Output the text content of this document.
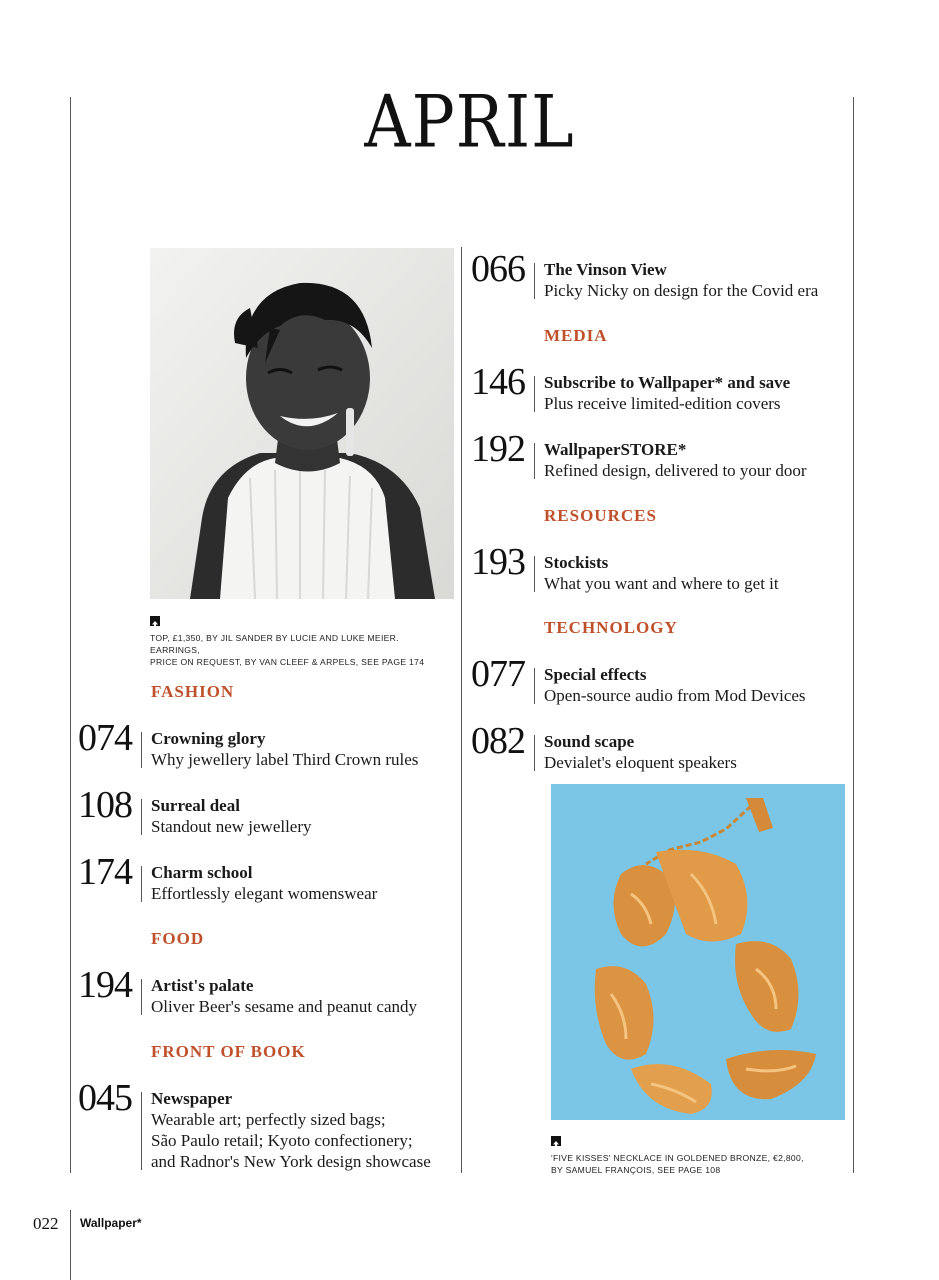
APRIL
TOP, £1,350, BY JIL SANDER BY LUCIE AND LUKE MEIER. EARRINGS,
PRICE ON REQUEST, BY VAN CLEEF & ARPELS, SEE PAGE 174
FASHION
074 Crowning glory
Why jewellery label Third Crown rules
108 Surreal deal
Standout new jewellery
174 Charm school
Effortlessly elegant womenswear
FOOD
194 Artist's palate
Oliver Beer's sesame and peanut candy
FRONT OF BOOK
045 Newspaper
Wearable art; perfectly sized bags;
São Paulo retail; Kyoto confectionery;
and Radnor's New York design showcase
066 The Vinson View
Picky Nicky on design for the Covid era
MEDIA
146 Subscribe to Wallpaper* and save
Plus receive limited-edition covers
192 WallpaperSTORE*
Refined design, delivered to your door
RESOURCES
193 Stockists
What you want and where to get it
TECHNOLOGY
077 Special effects
Open-source audio from Mod Devices
082 Sound scape
Devialet's eloquent speakers
'FIVE KISSES' NECKLACE IN GOLDENED BRONZE, €2,800,
BY SAMUEL FRANÇOIS, SEE PAGE 108
022 Wallpaper*
